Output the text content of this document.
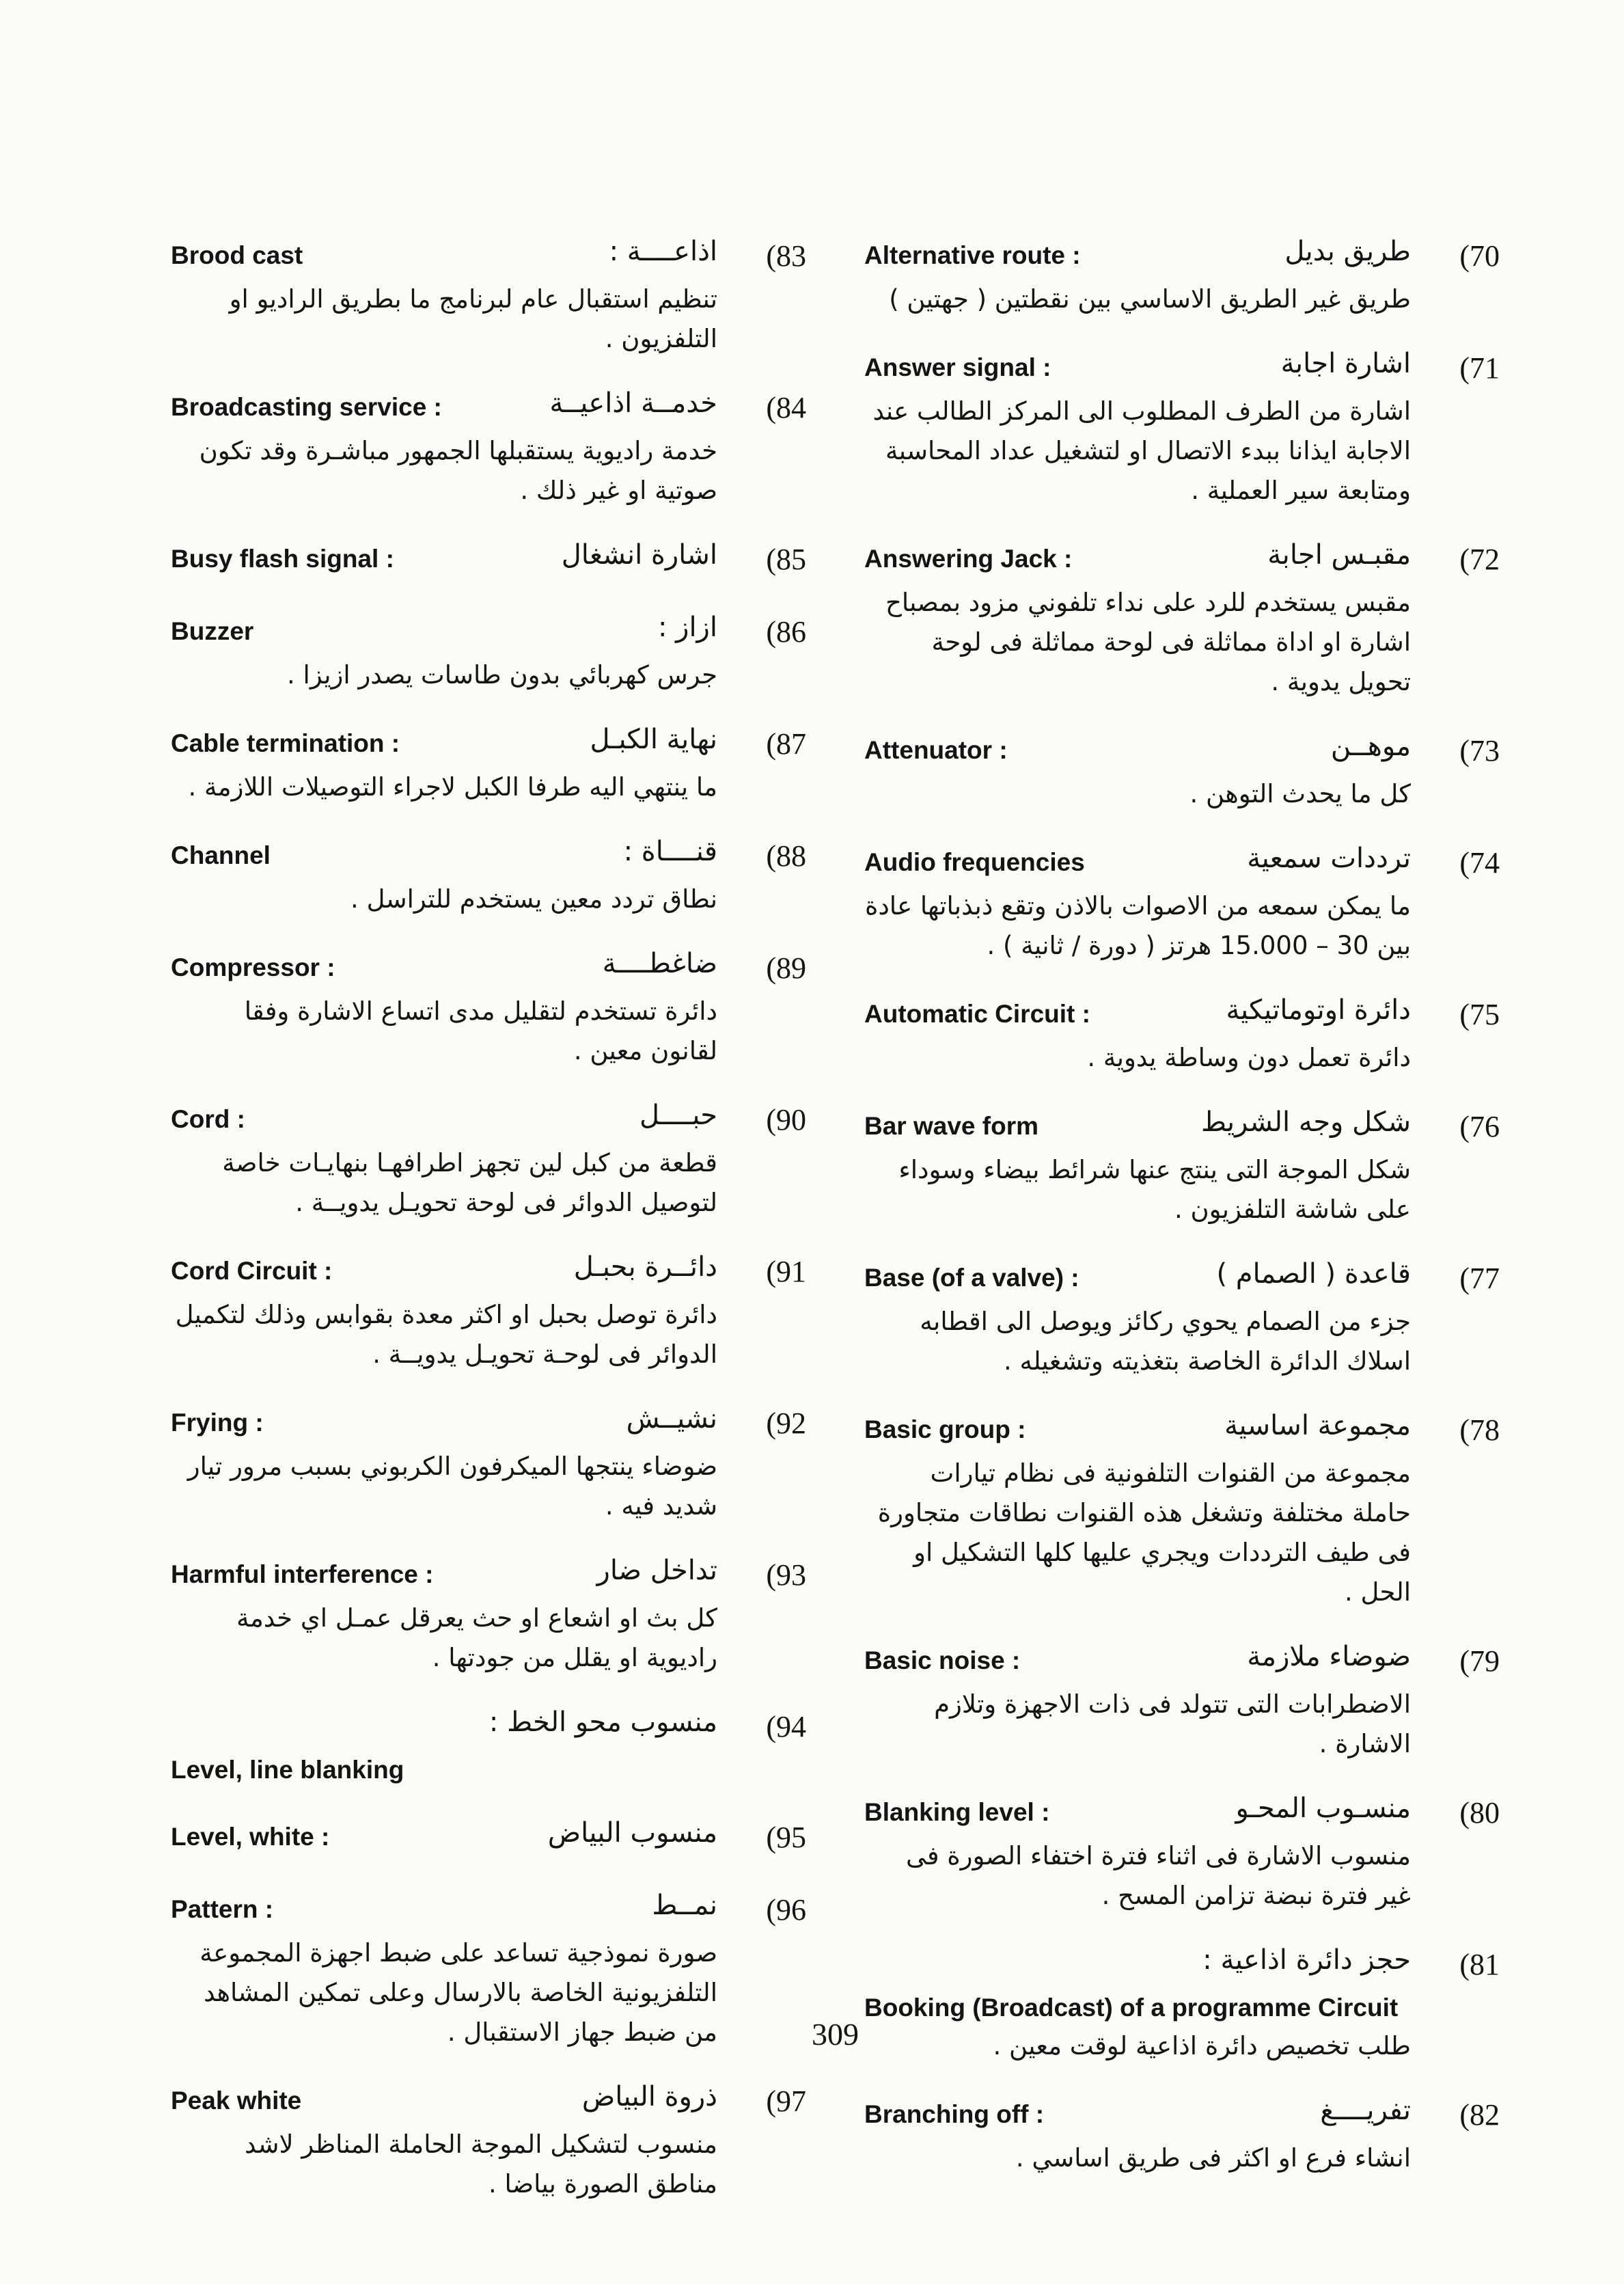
Brood cast	اذاعــــة : (83
تنظيم استقبال عام لبرنامج ما بطريق الراديو او التلفزيون .
Broadcasting service :	خدمــة اذاعيــة (84
خدمة راديوية يستقبلها الجمهور مباشـرة وقد تكون صوتية او غير ذلك .
Busy flash signal :	اشارة انشغال (85
Buzzer	ازاز : (86
جرس كهربائي بدون طاسات يصدر ازيزا .
Cable termination :	نهاية الكبـل (87
ما ينتهي اليه طرفا الكبل لاجراء التوصيلات اللازمة .
Channel	قنــــاة : (88
نطاق تردد معين يستخدم للتراسل .
Compressor :	ضاغطــــة (89
دائرة تستخدم لتقليل مدى اتساع الاشارة وفقا لقانون معين .
Cord :	حبــــل (90
قطعة من كبل لين تجهز اطرافهـا بنهايـات خاصة لتوصيل الدوائر فى لوحة تحويـل يدويــة .
Cord Circuit :	دائــرة بحبـل (91
دائرة توصل بحبل او اكثر معدة بقوابس وذلك لتكميل الدوائر فى لوحـة تحويـل يدويــة .
Frying :	نشيــش (92
ضوضاء ينتجها الميكرفون الكربوني بسبب مرور تيار شديد فيه .
Harmful interference :	تداخل ضار (93
كل بث او اشعاع او حث يعرقل عمـل اي خدمة راديوية او يقلل من جودتها .
منسوب محو الخط : (94
Level, line blanking
Level, white :	منسوب البياض (95
Pattern :	نمــط (96
صورة نموذجية تساعد على ضبط اجهزة المجموعة التلفزيونية الخاصة بالارسال وعلى تمكين المشاهد من ضبط جهاز الاستقبال .
Peak white	ذروة البياض (97
منسوب لتشكيل الموجة الحاملة المناظر لاشد مناطق الصورة بياضا .
Alternative route :	طريق بديل (70
طريق غير الطريق الاساسي بين نقطتين ( جهتين )
Answer signal :	اشارة اجابة (71
اشارة من الطرف المطلوب الى المركز الطالب عند الاجابة ايذانا ببدء الاتصال او لتشغيل عداد المحاسبة ومتابعة سير العملية .
Answering Jack :	مقبـس اجابة (72
مقبس يستخدم للرد على نداء تلفوني مزود بمصباح اشارة او اداة مماثلة فى لوحة مماثلة فى لوحة تحويل يدوية .
Attenuator :	موهــن (73
كل ما يحدث التوهن .
Audio frequencies	ترددات سمعية (74
ما يمكن سمعه من الاصوات بالاذن وتقع ذبذباتها عادة بين 30 – 15.000 هرتز ( دورة / ثانية ) .
Automatic Circuit :	دائرة اوتوماتيكية (75
دائرة تعمل دون وساطة يدوية .
Bar wave form	شكل وجه الشريط (76
شكل الموجة التى ينتج عنها شرائط بيضاء وسوداء على شاشة التلفزيون .
Base (of a valve) :	قاعدة ( الصمام ) (77
جزء من الصمام يحوي ركائز ويوصل الى اقطابه اسلاك الدائرة الخاصة بتغذيته وتشغيله .
Basic group :	مجموعة اساسية (78
مجموعة من القنوات التلفونية فى نظام تيارات حاملة مختلفة وتشغل هذه القنوات نطاقات متجاورة فى طيف الترددات ويجري عليها كلها التشكيل او الحل .
Basic noise :	ضوضاء ملازمة (79
الاضطرابات التى تتولد فى ذات الاجهزة وتلازم الاشارة .
Blanking level :	منسـوب المحـو (80
منسوب الاشارة فى اثناء فترة اختفاء الصورة فى غير فترة نبضة تزامن المسح .
حجز دائرة اذاعية : (81
Booking (Broadcast) of a programme Circuit
طلب تخصيص دائرة اذاعية لوقت معين .
Branching off :	تفريــــغ (82
انشاء فرع او اكثر فى طريق اساسي .
309
